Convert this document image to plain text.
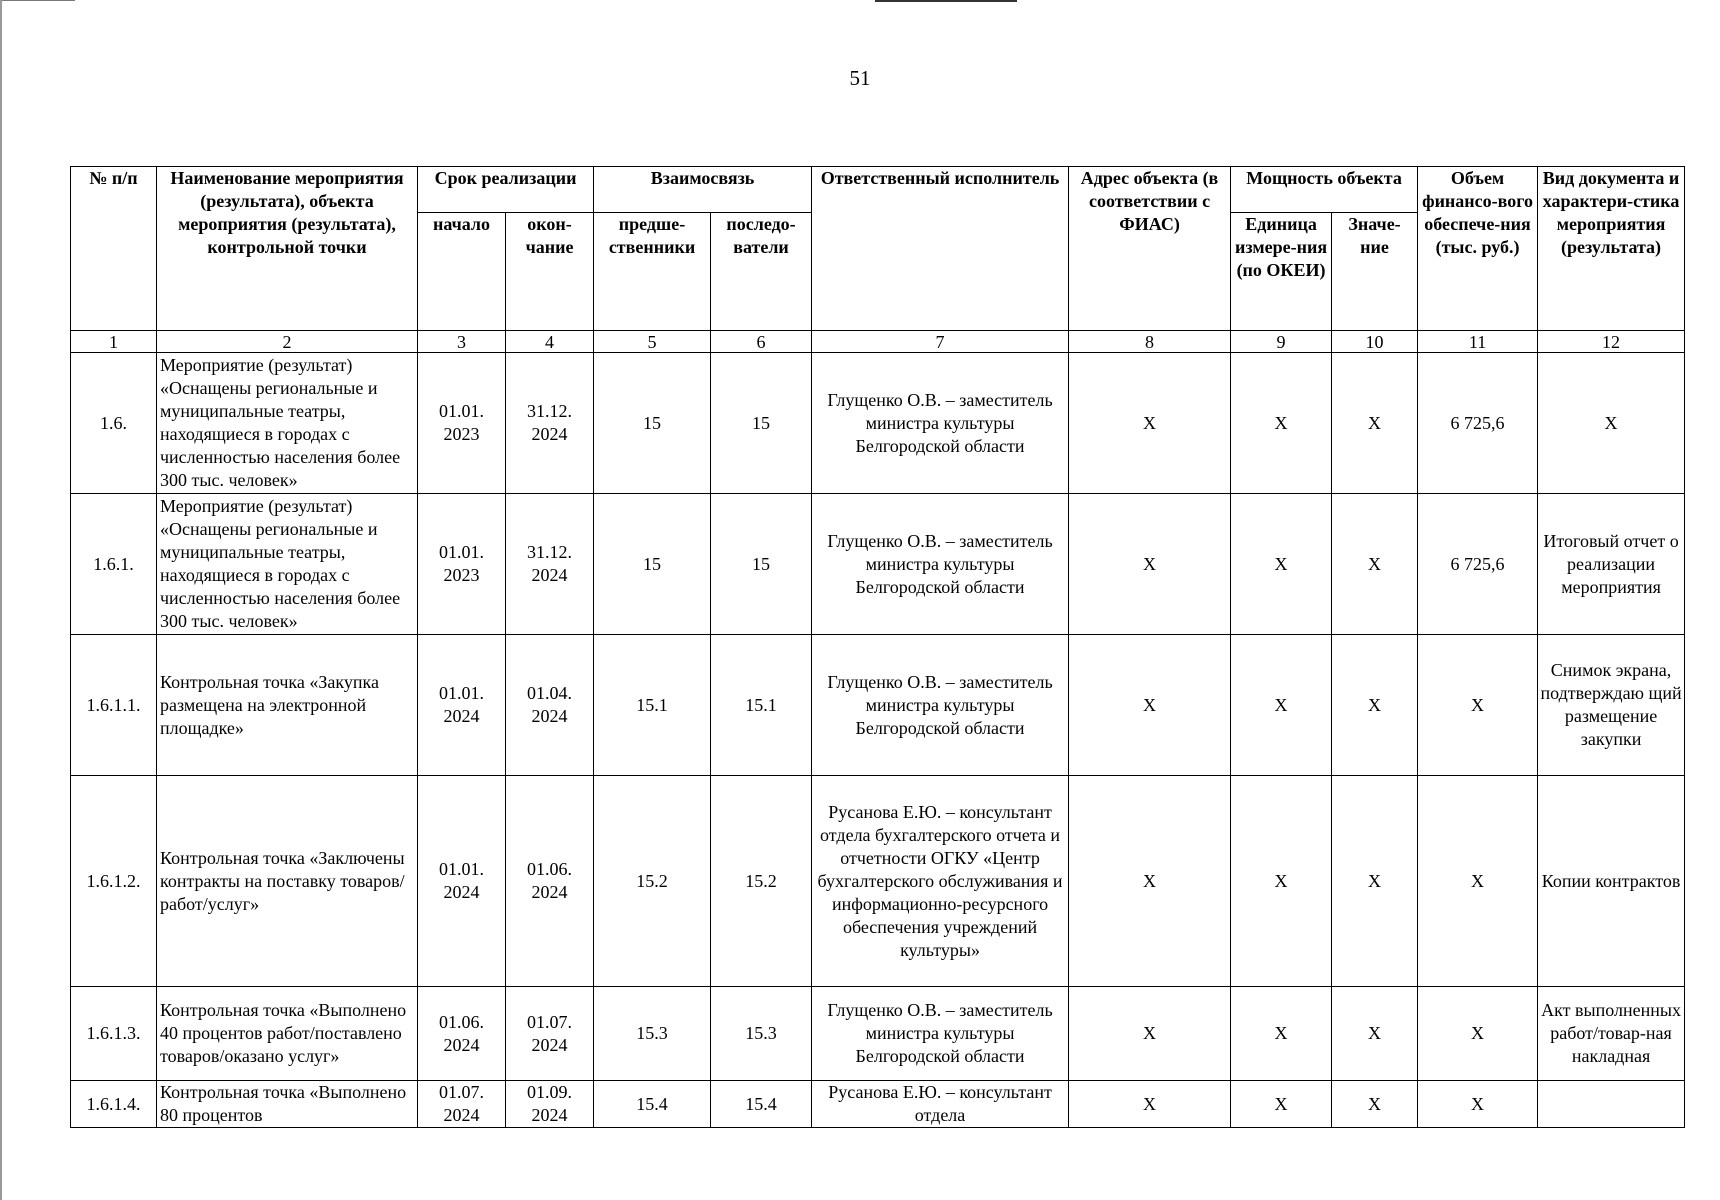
51
№ п/п	Наименование мероприятия (результата), объекта мероприятия (результата), контрольной точки	Срок реализации		Взаимосвязь		Ответственный исполнитель	Адрес объекта (в соответствии с ФИАС)	Мощность объекта		Объем финансо-вого обеспече-ния (тыс. руб.)	Вид документа и характери-стика мероприятия (результата)
		начало	окон-чание	предше-ственники	последо-ватели			Единица измере-ния (по ОКЕИ)	Значе-ние		
1	2	3	4	5	6	7	8	9	10	11	12
1.6.	Мероприятие (результат) «Оснащены региональные и муниципальные театры, находящиеся в городах с численностью населения более 300 тыс. человек»	01.01. 2023	31.12. 2024	15	15	Глущенко О.В. – заместитель министра культуры Белгородской области	X	X	X	6 725,6	X
1.6.1.	Мероприятие (результат) «Оснащены региональные и муниципальные театры, находящиеся в городах с численностью населения более 300 тыс. человек»	01.01. 2023	31.12. 2024	15	15	Глущенко О.В. – заместитель министра культуры Белгородской области	X	X	X	6 725,6	Итоговый отчет о реализации мероприятия
1.6.1.1.	Контрольная точка «Закупка размещена на электронной площадке»	01.01. 2024	01.04. 2024	15.1	15.1	Глущенко О.В. – заместитель министра культуры Белгородской области	X	X	X	X	Снимок экрана, подтверждаю щий размещение закупки
1.6.1.2.	Контрольная точка «Заключены контракты на поставку товаров/работ/услуг»	01.01. 2024	01.06. 2024	15.2	15.2	Русанова Е.Ю. – консультант отдела бухгалтерского отчета и отчетности ОГКУ «Центр бухгалтерского обслуживания и информационно-ресурсного обеспечения учреждений культуры»	X	X	X	X	Копии контрактов
1.6.1.3.	Контрольная точка «Выполнено 40 процентов работ/поставлено товаров/оказано услуг»	01.06. 2024	01.07. 2024	15.3	15.3	Глущенко О.В. – заместитель министра культуры Белгородской области	X	X	X	X	Акт выполненных работ/товар-ная накладная
1.6.1.4.	Контрольная точка «Выполнено 80 процентов	01.07. 2024	01.09. 2024	15.4	15.4	Русанова Е.Ю. – консультант отдела	X	X	X	X	
